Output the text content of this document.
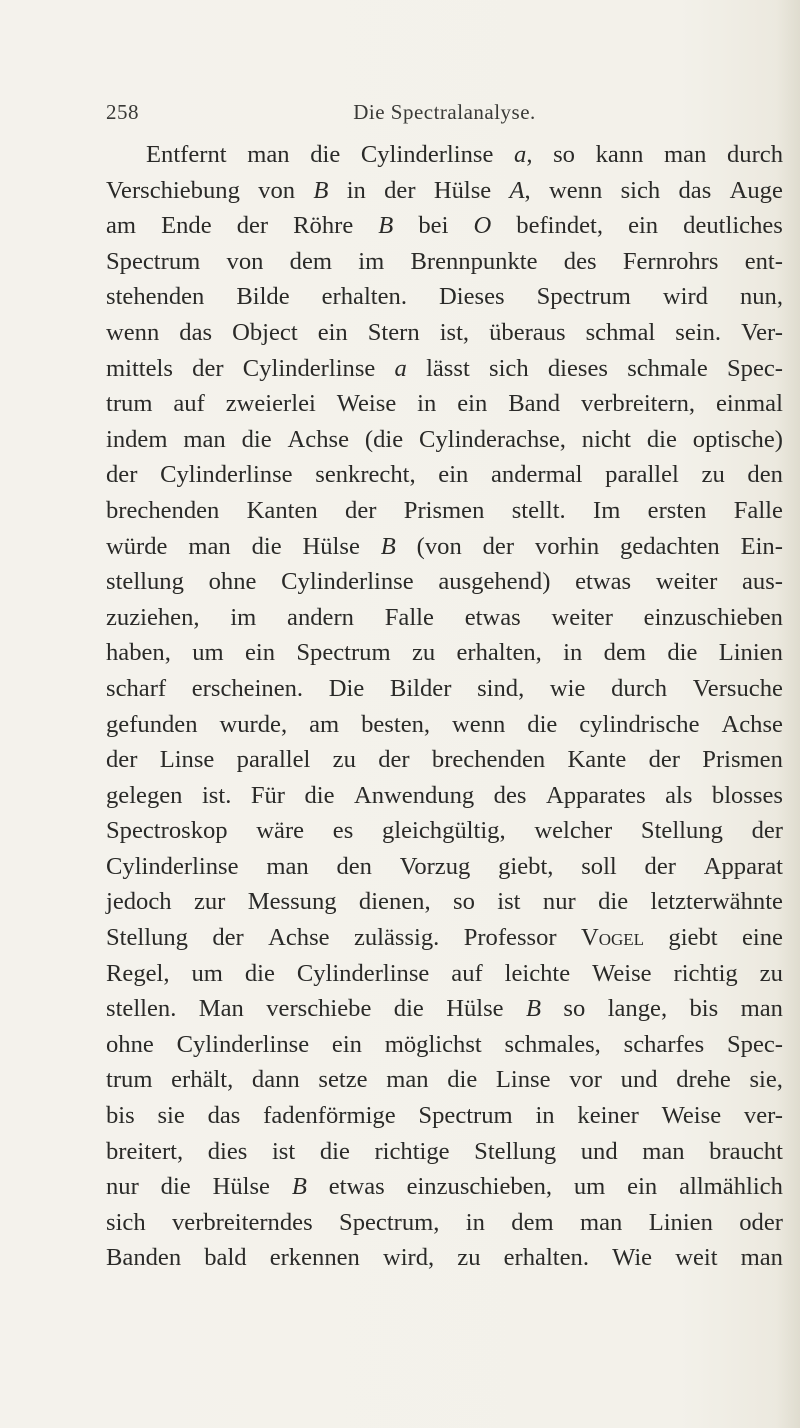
258	Die Spectralanalyse.
Entfernt man die Cylinderlinse a, so kann man durch
Verschiebung von B in der Hülse A, wenn sich das Auge
am Ende der Röhre B bei O befindet, ein deutliches
Spectrum von dem im Brennpunkte des Fernrohrs ent-
stehenden Bilde erhalten. Dieses Spectrum wird nun,
wenn das Object ein Stern ist, überaus schmal sein. Ver-
mittels der Cylinderlinse a lässt sich dieses schmale Spec-
trum auf zweierlei Weise in ein Band verbreitern, einmal
indem man die Achse (die Cylinderachse, nicht die optische)
der Cylinderlinse senkrecht, ein andermal parallel zu den
brechenden Kanten der Prismen stellt. Im ersten Falle
würde man die Hülse B (von der vorhin gedachten Ein-
stellung ohne Cylinderlinse ausgehend) etwas weiter aus-
zuziehen, im andern Falle etwas weiter einzuschieben
haben, um ein Spectrum zu erhalten, in dem die Linien
scharf erscheinen. Die Bilder sind, wie durch Versuche
gefunden wurde, am besten, wenn die cylindrische Achse
der Linse parallel zu der brechenden Kante der Prismen
gelegen ist. Für die Anwendung des Apparates als blosses
Spectroskop wäre es gleichgültig, welcher Stellung der
Cylinderlinse man den Vorzug giebt, soll der Apparat
jedoch zur Messung dienen, so ist nur die letzterwähnte
Stellung der Achse zulässig. Professor Vogel giebt eine
Regel, um die Cylinderlinse auf leichte Weise richtig zu
stellen. Man verschiebe die Hülse B so lange, bis man
ohne Cylinderlinse ein möglichst schmales, scharfes Spec-
trum erhält, dann setze man die Linse vor und drehe sie,
bis sie das fadenförmige Spectrum in keiner Weise ver-
breitert, dies ist die richtige Stellung und man braucht
nur die Hülse B etwas einzuschieben, um ein allmählich
sich verbreiterndes Spectrum, in dem man Linien oder
Banden bald erkennen wird, zu erhalten. Wie weit man
